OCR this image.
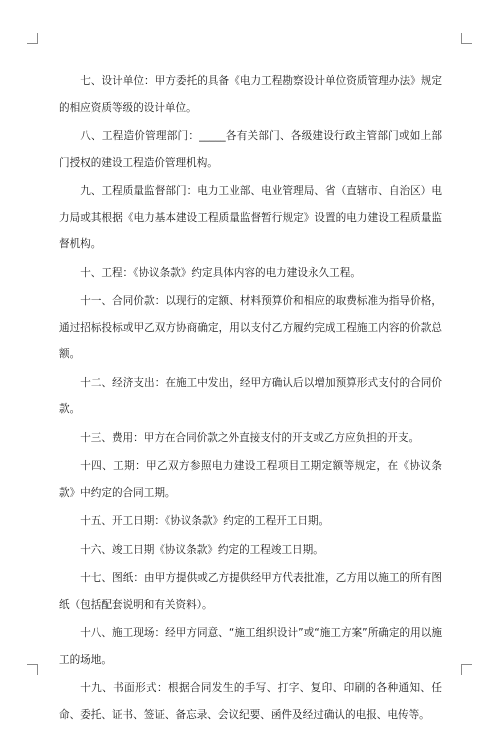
七、设计单位：甲方委托的具备《电力工程勘察设计单位资质管理办法》规定的相应资质等级的设计单位。

八、工程造价管理部门：_____各有关部门、各级建设行政主管部门或如上部门授权的建设工程造价管理机构。

九、工程质量监督部门：电力工业部、电业管理局、省（直辖市、自治区）电力局或其根据《电力基本建设工程质量监督暂行规定》设置的电力建设工程质量监督机构。

十、工程：《协议条款》约定具体内容的电力建设永久工程。

十一、合同价款：以现行的定额、材料预算价和相应的取费标准为指导价格，通过招标投标或甲乙双方协商确定，用以支付乙方履约完成工程施工内容的价款总额。

十二、经济支出：在施工中发出，经甲方确认后以增加预算形式支付的合同价款。

十三、费用：甲方在合同价款之外直接支付的开支或乙方应负担的开支。

十四、工期：甲乙双方参照电力建设工程项目工期定额等规定，在《协议条款》中约定的合同工期。

十五、开工日期：《协议条款》约定的工程开工日期。

十六、竣工日期《协议条款》约定的工程竣工日期。

十七、图纸：由甲方提供或乙方提供经甲方代表批准，乙方用以施工的所有图纸（包括配套说明和有关资料）。

十八、施工现场：经甲方同意、“施工组织设计”或“施工方案”所确定的用以施工的场地。

十九、书面形式：根据合同发生的手写、打字、复印、印刷的各种通知、任命、委托、证书、签证、备忘录、会议纪要、函件及经过确认的电报、电传等。
